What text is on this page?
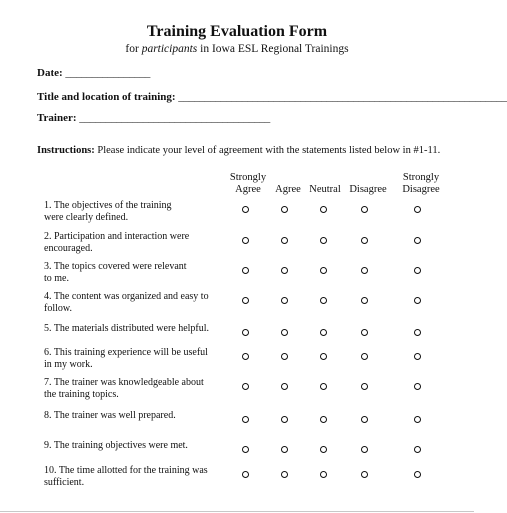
Training Evaluation Form
for participants in Iowa ESL Regional Trainings
Date: ________________
Title and location of training: ______________________________________________________________
Trainer: ____________________________________
Instructions: Please indicate your level of agreement with the statements listed below in #1-11.
Strongly
Agree
	Agree
Neutral
Disagree
Strongly
Disagree
1. The objectives of the training
were clearly defined.
2. Participation and interaction were
encouraged.
3. The topics covered were relevant
to me.
4. The content was organized and easy to
follow.
5. The materials distributed were helpful.
6. This training experience will be useful
in my work.
7. The trainer was knowledgeable about
the training topics.
8. The trainer was well prepared.
9. The training objectives were met.
10. The time allotted for the training was
sufficient.
